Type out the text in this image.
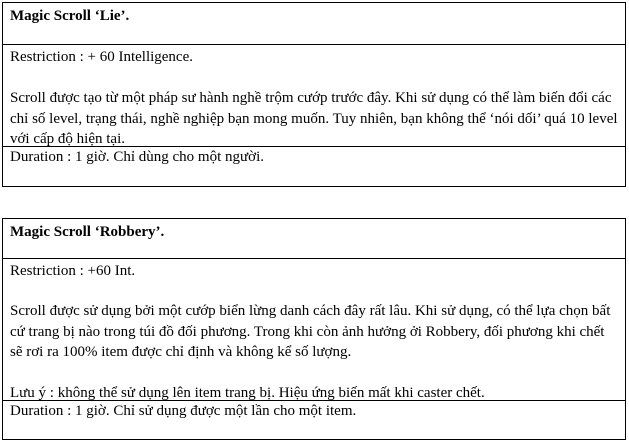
Magic Scroll ‘Lie’.
Restriction : + 60 Intelligence.
Scroll được tạo từ một pháp sư hành nghề trộm cướp trước đây. Khi sử dụng có thể làm biến đổi các chỉ số level, trạng thái, nghề nghiệp bạn mong muốn. Tuy nhiên, bạn không thể ‘nói dối’ quá 10 level với cấp độ hiện tại.
Duration : 1 giờ. Chỉ dùng cho một người.
Magic Scroll ‘Robbery’.
Restriction : +60 Int.
Scroll được sử dụng bởi một cướp biển lừng danh cách đây rất lâu. Khi sử dụng, có thể lựa chọn bất cứ trang bị nào trong túi đồ đối phương. Trong khi còn ảnh hưởng ởi Robbery, đối phương khi chết sẽ rơi ra 100% item được chỉ định và không kể số lượng.
Lưu ý : không thể sử dụng lên item trang bị. Hiệu ứng biến mất khi caster chết.
Duration : 1 giờ. Chỉ sử dụng được một lần cho một item.
